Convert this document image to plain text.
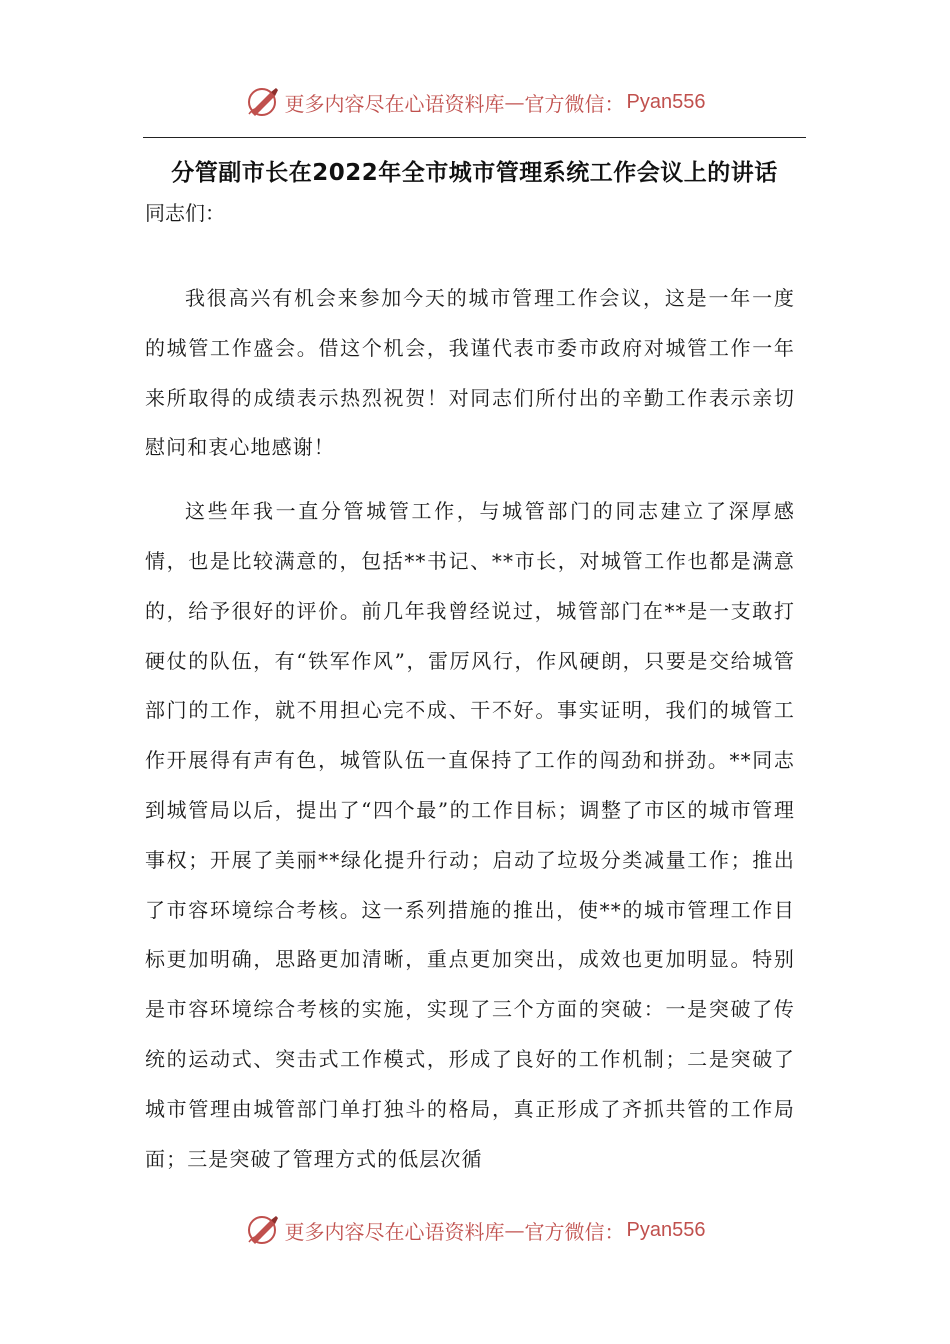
更多内容尽在心语资料库 — 官方微信： Pyan556
分管副市长在2022年全市城市管理系统工作会议上的讲话

同志们：

我很高兴有机会来参加今天的城市管理工作会议，这是一年一度的城管工作盛会。借这个机会，我谨代表市委市政府对城管工作一年来所取得的成绩表示热烈祝贺！对同志们所付出的辛勤工作表示亲切慰问和衷心地感谢！

这些年我一直分管城管工作，与城管部门的同志建立了深厚感情，也是比较满意的，包括**书记、**市长，对城管工作也都是满意的，给予很好的评价。前几年我曾经说过，城管部门在**是一支敢打硬仗的队伍，有“铁军作风”，雷厉风行，作风硬朗，只要是交给城管部门的工作，就不用担心完不成、干不好。事实证明，我们的城管工作开展得有声有色，城管队伍一直保持了工作的闯劲和拼劲。**同志到城管局以后，提出了“四个最”的工作目标；调整了市区的城市管理事权；开展了美丽**绿化提升行动；启动了垃圾分类减量工作；推出了市容环境综合考核。这一系列措施的推出，使**的城市管理工作目标更加明确，思路更加清晰，重点更加突出，成效也更加明显。特别是市容环境综合考核的实施，实现了三个方面的突破：一是突破了传统的运动式、突击式工作模式，形成了良好的工作机制；二是突破了城市管理由城管部门单打独斗的格局，真正形成了齐抓共管的工作局面；三是突破了管理方式的低层次循

更多内容尽在心语资料库 — 官方微信： Pyan556
